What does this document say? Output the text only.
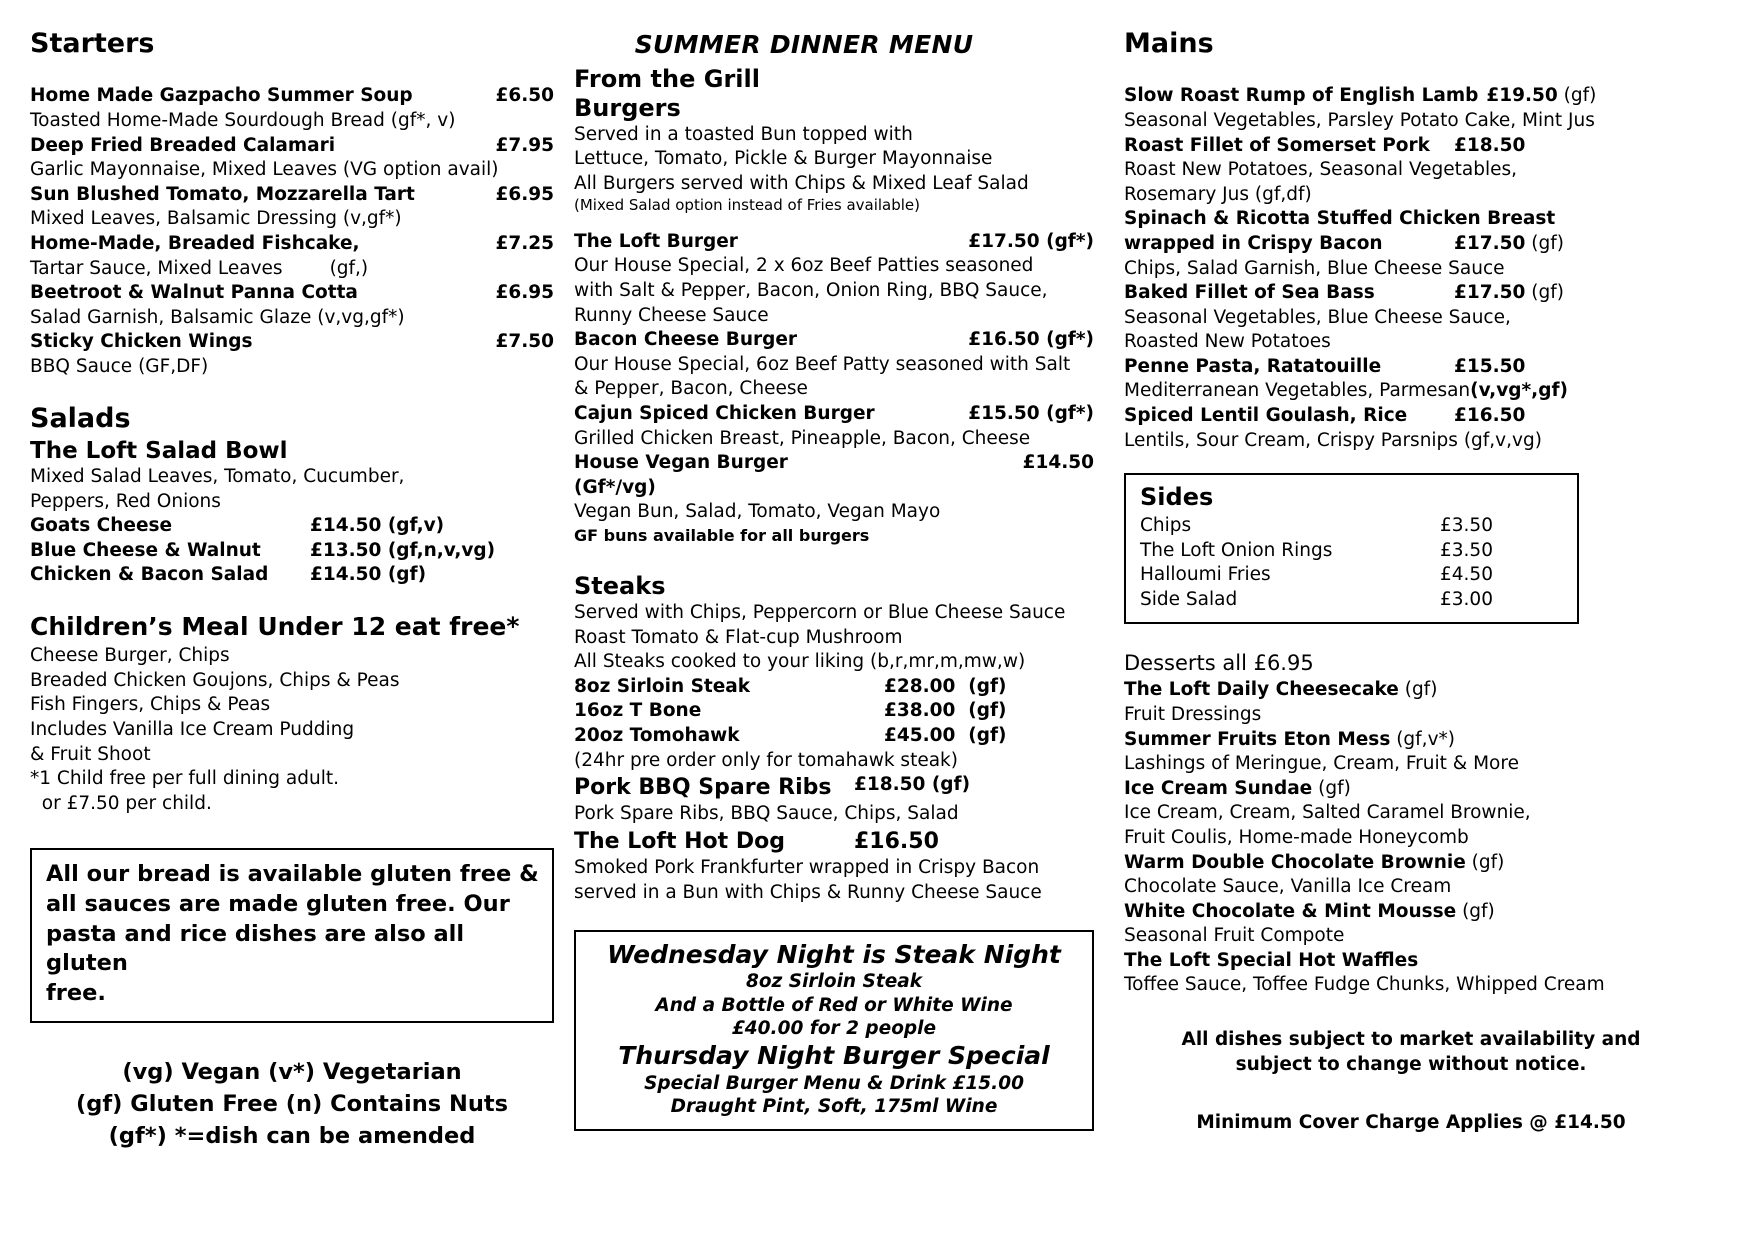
Starters
Home Made Gazpacho Summer Soup	£6.50
Toasted Home-Made Sourdough Bread (gf*, v)
Deep Fried Breaded Calamari	£7.95
Garlic Mayonnaise, Mixed Leaves (VG option avail)
Sun Blushed Tomato, Mozzarella Tart	£6.95
Mixed Leaves, Balsamic Dressing (v,gf*)
Home-Made, Breaded Fishcake,	£7.25
Tartar Sauce, Mixed Leaves        (gf,)
Beetroot & Walnut Panna Cotta	£6.95
Salad Garnish, Balsamic Glaze (v,vg,gf*)
Sticky Chicken Wings	£7.50
BBQ Sauce (GF,DF)
Salads
The Loft Salad Bowl
Mixed Salad Leaves, Tomato, Cucumber,
Peppers, Red Onions
Goats Cheese	£14.50 (gf,v)
Blue Cheese & Walnut	£13.50 (gf,n,v,vg)
Chicken & Bacon Salad	£14.50 (gf)
Children’s Meal Under 12 eat free*
Cheese Burger, Chips
Breaded Chicken Goujons, Chips & Peas
Fish Fingers, Chips & Peas
Includes Vanilla Ice Cream Pudding
& Fruit Shoot
*1 Child free per full dining adult.
or £7.50 per child.

All our bread is available gluten free &

all sauces are made gluten free. Our

pasta and rice dishes are also all gluten

free.

(vg) Vegan (v*) Vegetarian
(gf) Gluten Free (n) Contains Nuts
(gf*) *=dish can be amended
SUMMER DINNER MENU
From the Grill
Burgers
Served in a toasted Bun topped with
Lettuce, Tomato, Pickle & Burger Mayonnaise
All Burgers served with Chips & Mixed Leaf Salad
(Mixed Salad option instead of Fries available)
The Loft Burger	£17.50 (gf*)
Our House Special, 2 x 6oz Beef Patties seasoned
with Salt & Pepper, Bacon, Onion Ring, BBQ Sauce,
Runny Cheese Sauce
Bacon Cheese Burger	£16.50 (gf*)
Our House Special, 6oz Beef Patty seasoned with Salt
& Pepper, Bacon, Cheese
Cajun Spiced Chicken Burger	£15.50 (gf*)
Grilled Chicken Breast, Pineapple, Bacon, Cheese
House Vegan Burger	£14.50
(Gf*/vg)
Vegan Bun, Salad, Tomato, Vegan Mayo
GF buns available for all burgers
Steaks
Served with Chips, Peppercorn or Blue Cheese Sauce
Roast Tomato & Flat-cup Mushroom
All Steaks cooked to your liking (b,r,mr,m,mw,w)
8oz Sirloin Steak	£28.00  (gf)
16oz T Bone	£38.00  (gf)
20oz Tomohawk	£45.00  (gf)
(24hr pre order only for tomahawk steak)
Pork BBQ Spare Ribs	£18.50 (gf)
Pork Spare Ribs, BBQ Sauce, Chips, Salad
The Loft Hot Dog	£16.50
Smoked Pork Frankfurter wrapped in Crispy Bacon
served in a Bun with Chips & Runny Cheese Sauce
Wednesday Night is Steak Night
8oz Sirloin Steak
And a Bottle of Red or White Wine
£40.00 for 2 people
Thursday Night Burger Special
Special Burger Menu & Drink £15.00
Draught Pint, Soft, 175ml Wine
Mains
Slow Roast Rump of English Lamb £19.50 (gf)
Seasonal Vegetables, Parsley Potato Cake, Mint Jus
Roast Fillet of Somerset Pork	£18.50
Roast New Potatoes, Seasonal Vegetables,
Rosemary Jus (gf,df)
Spinach & Ricotta Stuffed Chicken Breast
wrapped in Crispy Bacon	£17.50 (gf)
Chips, Salad Garnish, Blue Cheese Sauce
Baked Fillet of Sea Bass	£17.50 (gf)
Seasonal Vegetables, Blue Cheese Sauce,
Roasted New Potatoes
Penne Pasta, Ratatouille	£15.50
Mediterranean Vegetables, Parmesan (v,vg*,gf)
Spiced Lentil Goulash, Rice	£16.50
Lentils, Sour Cream, Crispy Parsnips (gf,v,vg)
Sides
Chips	£3.50
The Loft Onion Rings	£3.50
Halloumi Fries	£4.50
Side Salad	£3.00
Desserts all £6.95
The Loft Daily Cheesecake (gf)
Fruit Dressings
Summer Fruits Eton Mess (gf,v*)
Lashings of Meringue, Cream, Fruit & More
Ice Cream Sundae (gf)
Ice Cream, Cream, Salted Caramel Brownie,
Fruit Coulis, Home-made Honeycomb
Warm Double Chocolate Brownie (gf)
Chocolate Sauce, Vanilla Ice Cream
White Chocolate & Mint Mousse (gf)
Seasonal Fruit Compote
The Loft Special Hot Waffles
Toffee Sauce, Toffee Fudge Chunks, Whipped Cream
All dishes subject to market availability and
subject to change without notice.
Minimum Cover Charge Applies @ £14.50
